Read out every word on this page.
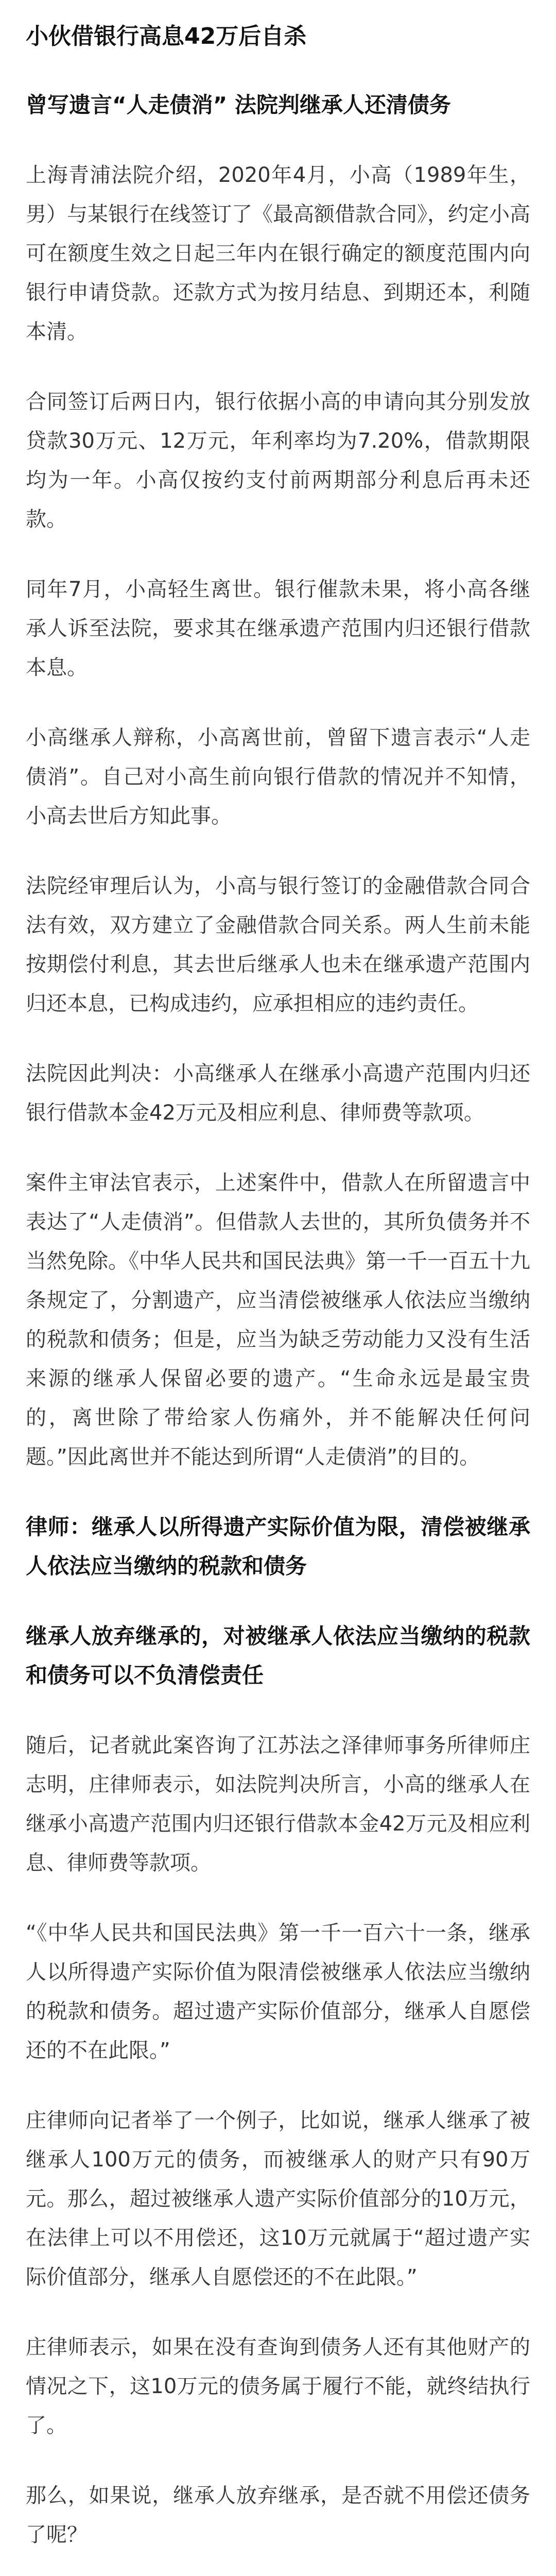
小伙借银行高息42万后自杀

曾写遗言“人走债消” 法院判继承人还清债务

上海青浦法院介绍，2020年4月，小高（1989年生，男）与某银行在线签订了《最高额借款合同》，约定小高可在额度生效之日起三年内在银行确定的额度范围内向银行申请贷款。还款方式为按月结息、到期还本，利随本清。

合同签订后两日内，银行依据小高的申请向其分别发放贷款30万元、12万元，年利率均为7.20%，借款期限均为一年。小高仅按约支付前两期部分利息后再未还款。

同年7月，小高轻生离世。银行催款未果，将小高各继承人诉至法院，要求其在继承遗产范围内归还银行借款本息。

小高继承人辩称，小高离世前，曾留下遗言表示“人走债消”。自己对小高生前向银行借款的情况并不知情，小高去世后方知此事。

法院经审理后认为，小高与银行签订的金融借款合同合法有效，双方建立了金融借款合同关系。两人生前未能按期偿付利息，其去世后继承人也未在继承遗产范围内归还本息，已构成违约，应承担相应的违约责任。

法院因此判决：小高继承人在继承小高遗产范围内归还银行借款本金42万元及相应利息、律师费等款项。

案件主审法官表示，上述案件中，借款人在所留遗言中表达了“人走债消”。但借款人去世的，其所负债务并不当然免除。《中华人民共和国民法典》第一千一百五十九条规定了，分割遗产，应当清偿被继承人依法应当缴纳的税款和债务；但是，应当为缺乏劳动能力又没有生活来源的继承人保留必要的遗产。“生命永远是最宝贵的，离世除了带给家人伤痛外，并不能解决任何问题。”因此离世并不能达到所谓“人走债消”的目的。

律师：继承人以所得遗产实际价值为限，清偿被继承人依法应当缴纳的税款和债务

继承人放弃继承的，对被继承人依法应当缴纳的税款和债务可以不负清偿责任

随后，记者就此案咨询了江苏法之泽律师事务所律师庄志明，庄律师表示，如法院判决所言，小高的继承人在继承小高遗产范围内归还银行借款本金42万元及相应利息、律师费等款项。

“《中华人民共和国民法典》第一千一百六十一条，继承人以所得遗产实际价值为限清偿被继承人依法应当缴纳的税款和债务。超过遗产实际价值部分，继承人自愿偿还的不在此限。”

庄律师向记者举了一个例子，比如说，继承人继承了被继承人100万元的债务，而被继承人的财产只有90万元。那么，超过被继承人遗产实际价值部分的10万元，在法律上可以不用偿还，这10万元就属于“超过遗产实际价值部分，继承人自愿偿还的不在此限。”

庄律师表示，如果在没有查询到债务人还有其他财产的情况之下，这10万元的债务属于履行不能，就终结执行了。

那么，如果说，继承人放弃继承，是否就不用偿还债务了呢？
